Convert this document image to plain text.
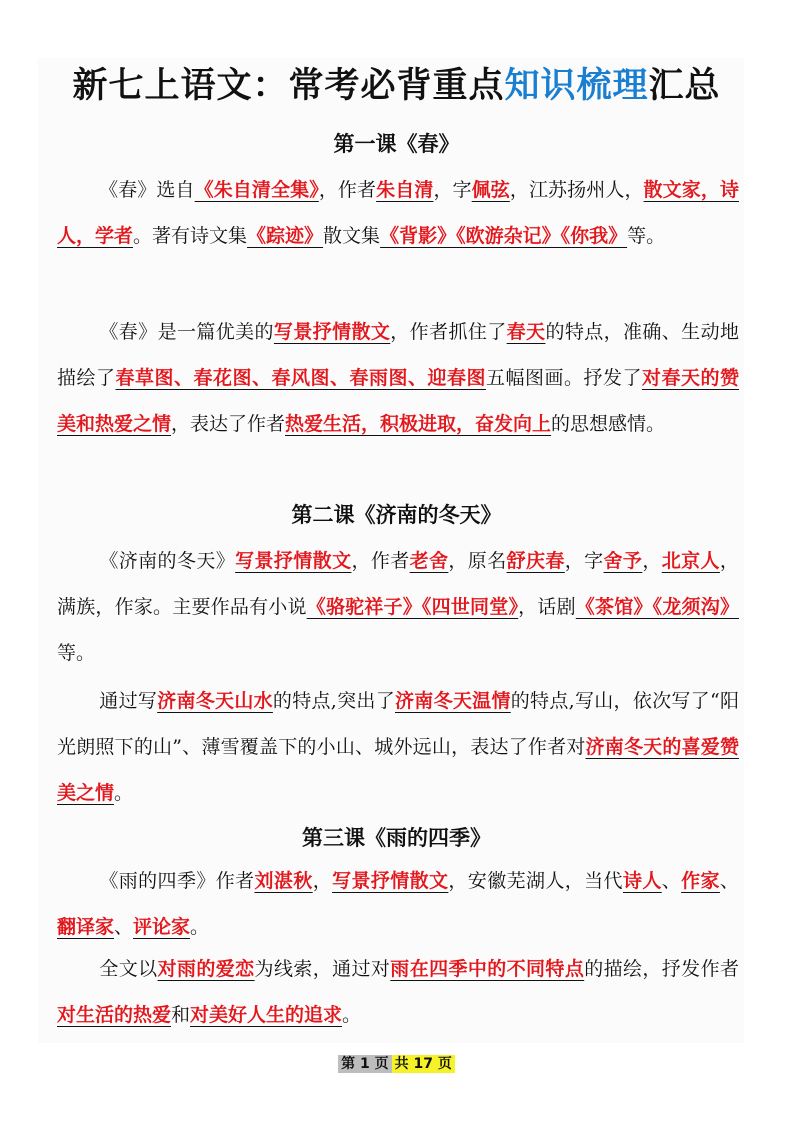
新七上语文：常考必背重点知识梳理汇总
第一课《春》
《春》选自《朱自清全集》，作者朱自清，字佩弦，江苏扬州人，散文家，诗人，学者。著有诗文集《踪迹》散文集《背影》《欧游杂记》《你我》等。
《春》是一篇优美的写景抒情散文，作者抓住了春天的特点，准确、生动地描绘了春草图、春花图、春风图、春雨图、迎春图五幅图画。抒发了对春天的赞美和热爱之情，表达了作者热爱生活，积极进取，奋发向上的思想感情。
第二课《济南的冬天》
《济南的冬天》写景抒情散文，作者老舍，原名舒庆春，字舍予，北京人，满族，作家。主要作品有小说《骆驼祥子》《四世同堂》，话剧《茶馆》《龙须沟》等。
通过写济南冬天山水的特点,突出了济南冬天温情的特点,写山，依次写了“阳光朗照下的山”、薄雪覆盖下的小山、城外远山，表达了作者对济南冬天的喜爱赞美之情。
第三课《雨的四季》
《雨的四季》作者刘湛秋，写景抒情散文，安徽芜湖人，当代诗人、作家、翻译家、评论家。
全文以对雨的爱恋为线索，通过对雨在四季中的不同特点的描绘，抒发作者对生活的热爱和对美好人生的追求。
第 1 页 共 17 页
